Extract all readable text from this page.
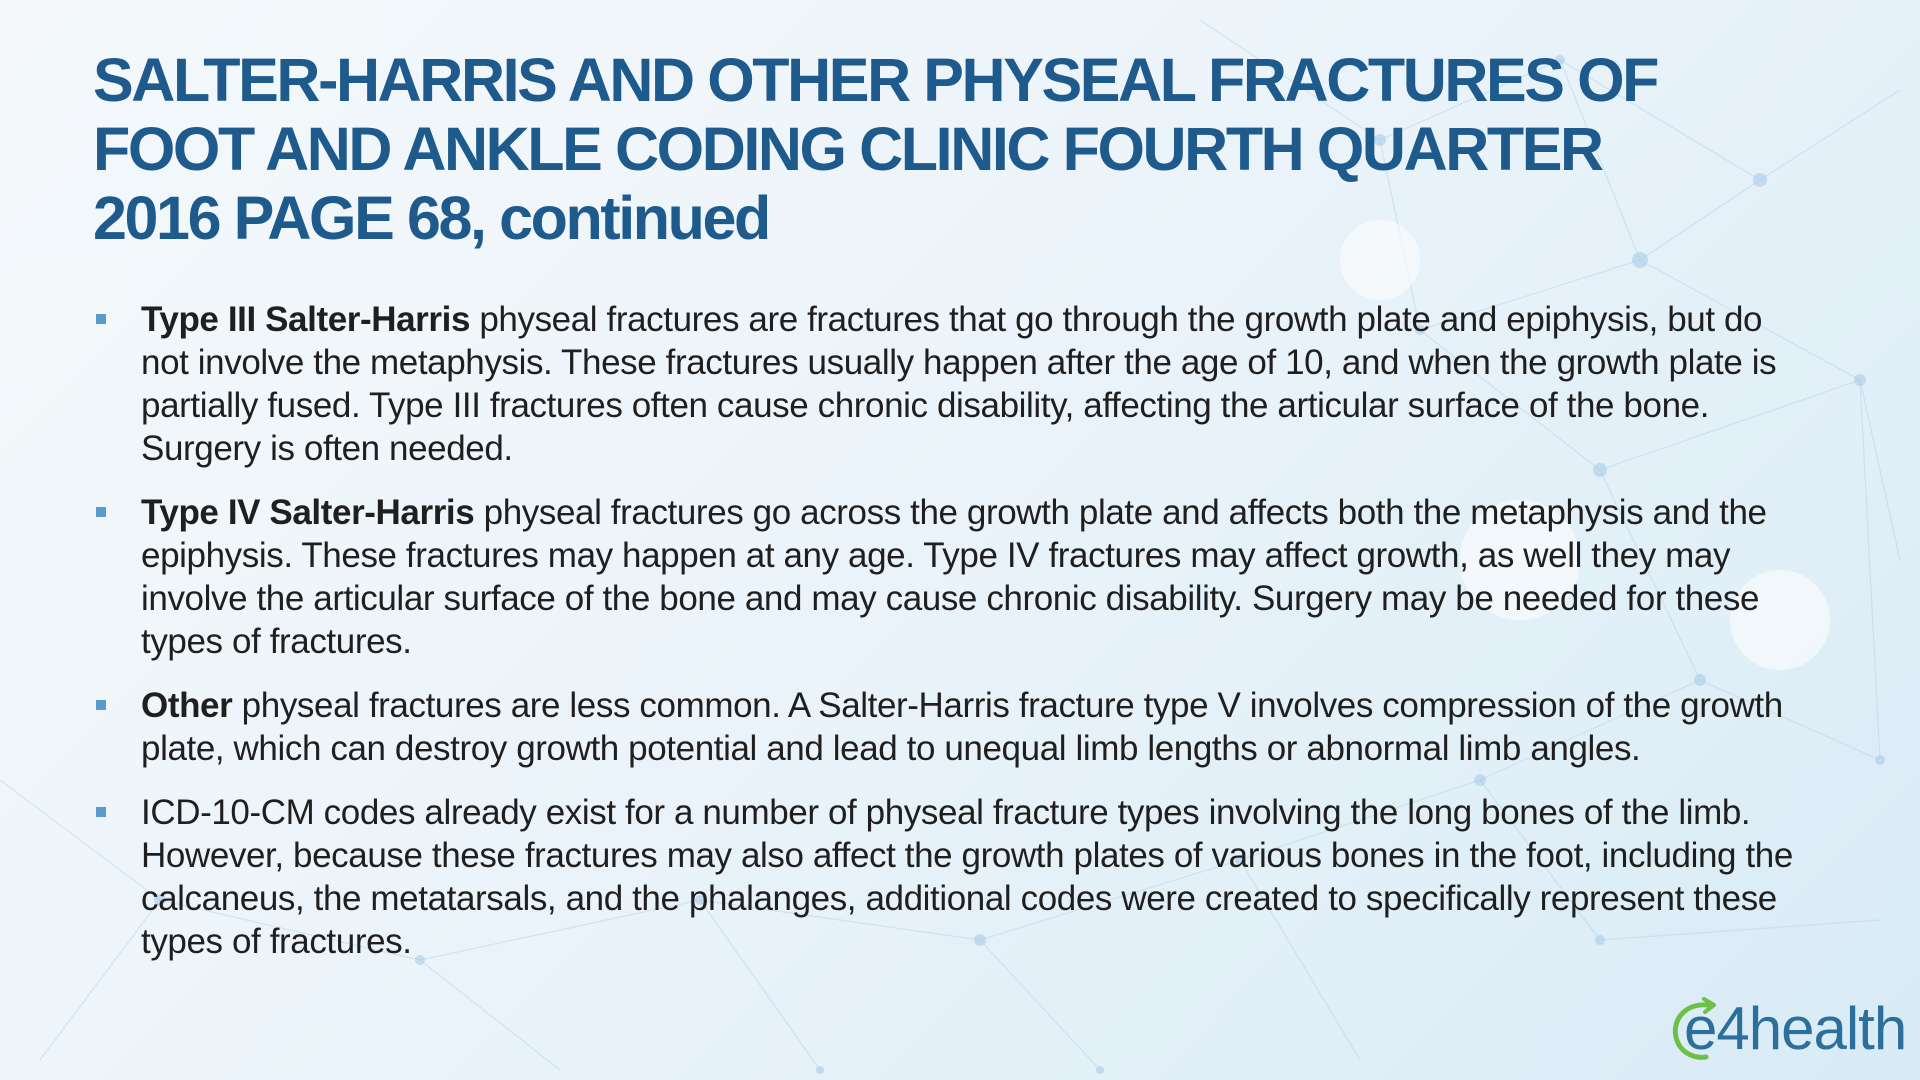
SALTER-HARRIS AND OTHER PHYSEAL FRACTURES OF
FOOT AND ANKLE CODING CLINIC FOURTH QUARTER
2016 PAGE 68, continued
Type III Salter-Harris physeal fractures are fractures that go through the growth plate and epiphysis, but do not involve the metaphysis. These fractures usually happen after the age of 10, and when the growth plate is partially fused. Type III fractures often cause chronic disability, affecting the articular surface of the bone. Surgery is often needed.
Type IV Salter-Harris physeal fractures go across the growth plate and affects both the metaphysis and the epiphysis. These fractures may happen at any age. Type IV fractures may affect growth, as well they may involve the articular surface of the bone and may cause chronic disability. Surgery may be needed for these types of fractures.
Other physeal fractures are less common. A Salter-Harris fracture type V involves compression of the growth plate, which can destroy growth potential and lead to unequal limb lengths or abnormal limb angles.
ICD-10-CM codes already exist for a number of physeal fracture types involving the long bones of the limb. However, because these fractures may also affect the growth plates of various bones in the foot, including the calcaneus, the metatarsals, and the phalanges, additional codes were created to specifically represent these types of fractures.
e4health
